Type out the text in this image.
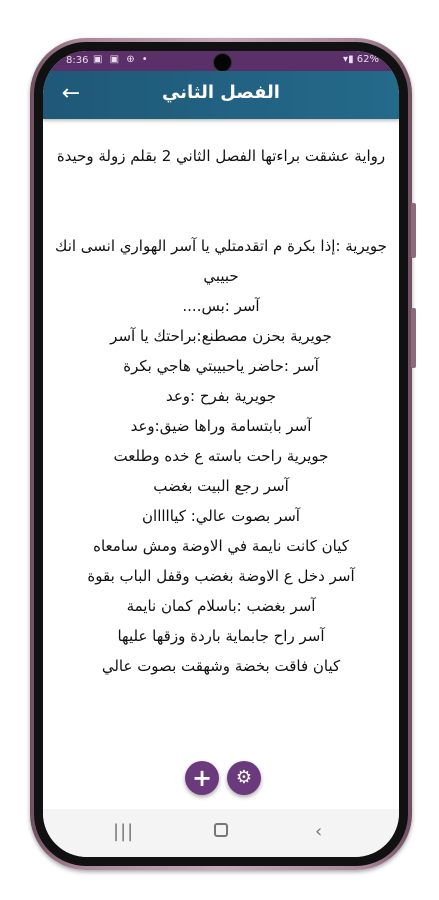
8:36 ▣ ▣ ⊕ •	▾▮ 62%
←	الفصل الثاني
رواية عشقت براءتها الفصل الثاني 2 بقلم زولة وحيدة
جويرية :إذا بكرة م اتقدمتلي يا آسر الهواري انسى انك حبيبي
آسر :بس....
جويرية بحزن مصطنع:براحتك يا آسر
آسر :حاضر ياحبيبتي هاجي بكرة
جويرية بفرح :وعد
آسر بابتسامة وراها ضيق:وعد
جويرية راحت باسته ع خده وطلعت
آسر رجع البيت بغضب
آسر بصوت عالي: كيااااان
كيان كانت نايمة في الاوضة ومش سامعاه
آسر دخل ع الاوضة بغضب وقفل الباب بقوة
آسر بغضب :باسلام كمان نايمة
آسر راح جابماية باردة وزقها عليها
كيان فاقت بخضة وشهقت بصوت عالي
+	⚙
|||	‹
